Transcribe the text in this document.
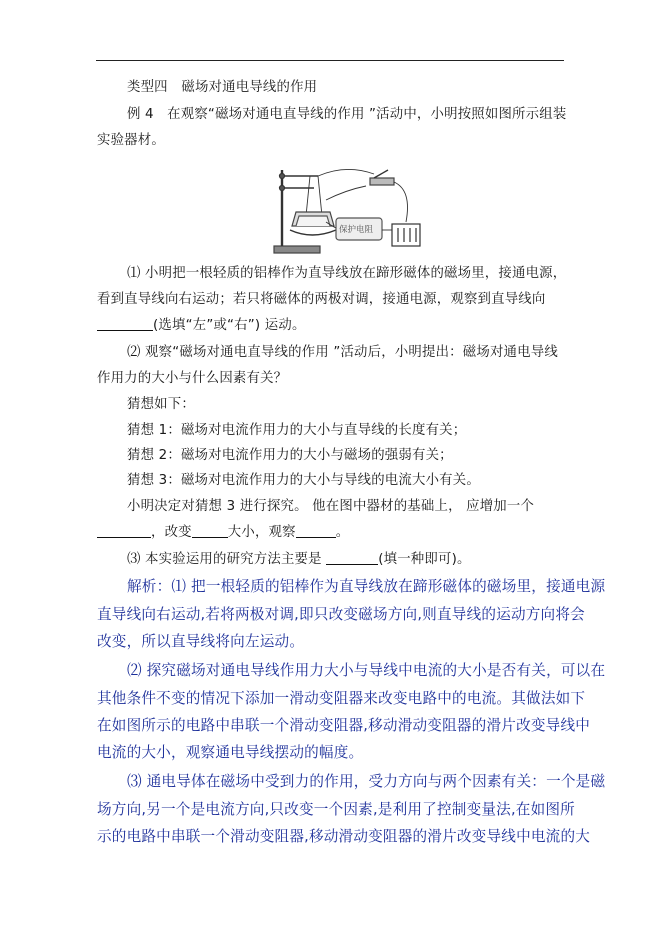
类型四　磁场对通电导线的作用
例 4 在观察“磁场对通电直导线的作用 ”活动中，小明按照如图所示组装
实验器材。
保护电阻
⑴ 小明把一根轻质的铝棒作为直导线放在蹄形磁体的磁场里，接通电源，
看到直导线向右运动；若只将磁体的两极对调，接通电源，观察到直导线向
(选填“左”或“右”) 运动。
⑵ 观察“磁场对通电直导线的作用 ”活动后，小明提出：磁场对通电导线
作用力的大小与什么因素有关？
猜想如下：
猜想 1：磁场对电流作用力的大小与直导线的长度有关；
猜想 2：磁场对电流作用力的大小与磁场的强弱有关；
猜想 3：磁场对电流作用力的大小与导线的电流大小有关。
小明决定对猜想 3 进行探究。 他在图中器材的基础上， 应增加一个
，改变	大小，观察	。
⑶ 本实验运用的研究方法主要是	(填一种即可)。
解析：⑴ 把一根轻质的铝棒作为直导线放在蹄形磁体的磁场里，接通电源
直导线向右运动,若将两极对调,即只改变磁场方向,则直导线的运动方向将会
改变，所以直导线将向左运动。
⑵ 探究磁场对通电导线作用力大小与导线中电流的大小是否有关，可以在
其他条件不变的情况下添加一滑动变阻器来改变电路中的电流。其做法如下
在如图所示的电路中串联一个滑动变阻器,移动滑动变阻器的滑片改变导线中
电流的大小，观察通电导线摆动的幅度。
⑶ 通电导体在磁场中受到力的作用，受力方向与两个因素有关：一个是磁
场方向,另一个是电流方向,只改变一个因素,是利用了控制变量法,在如图所
示的电路中串联一个滑动变阻器,移动滑动变阻器的滑片改变导线中电流的大
